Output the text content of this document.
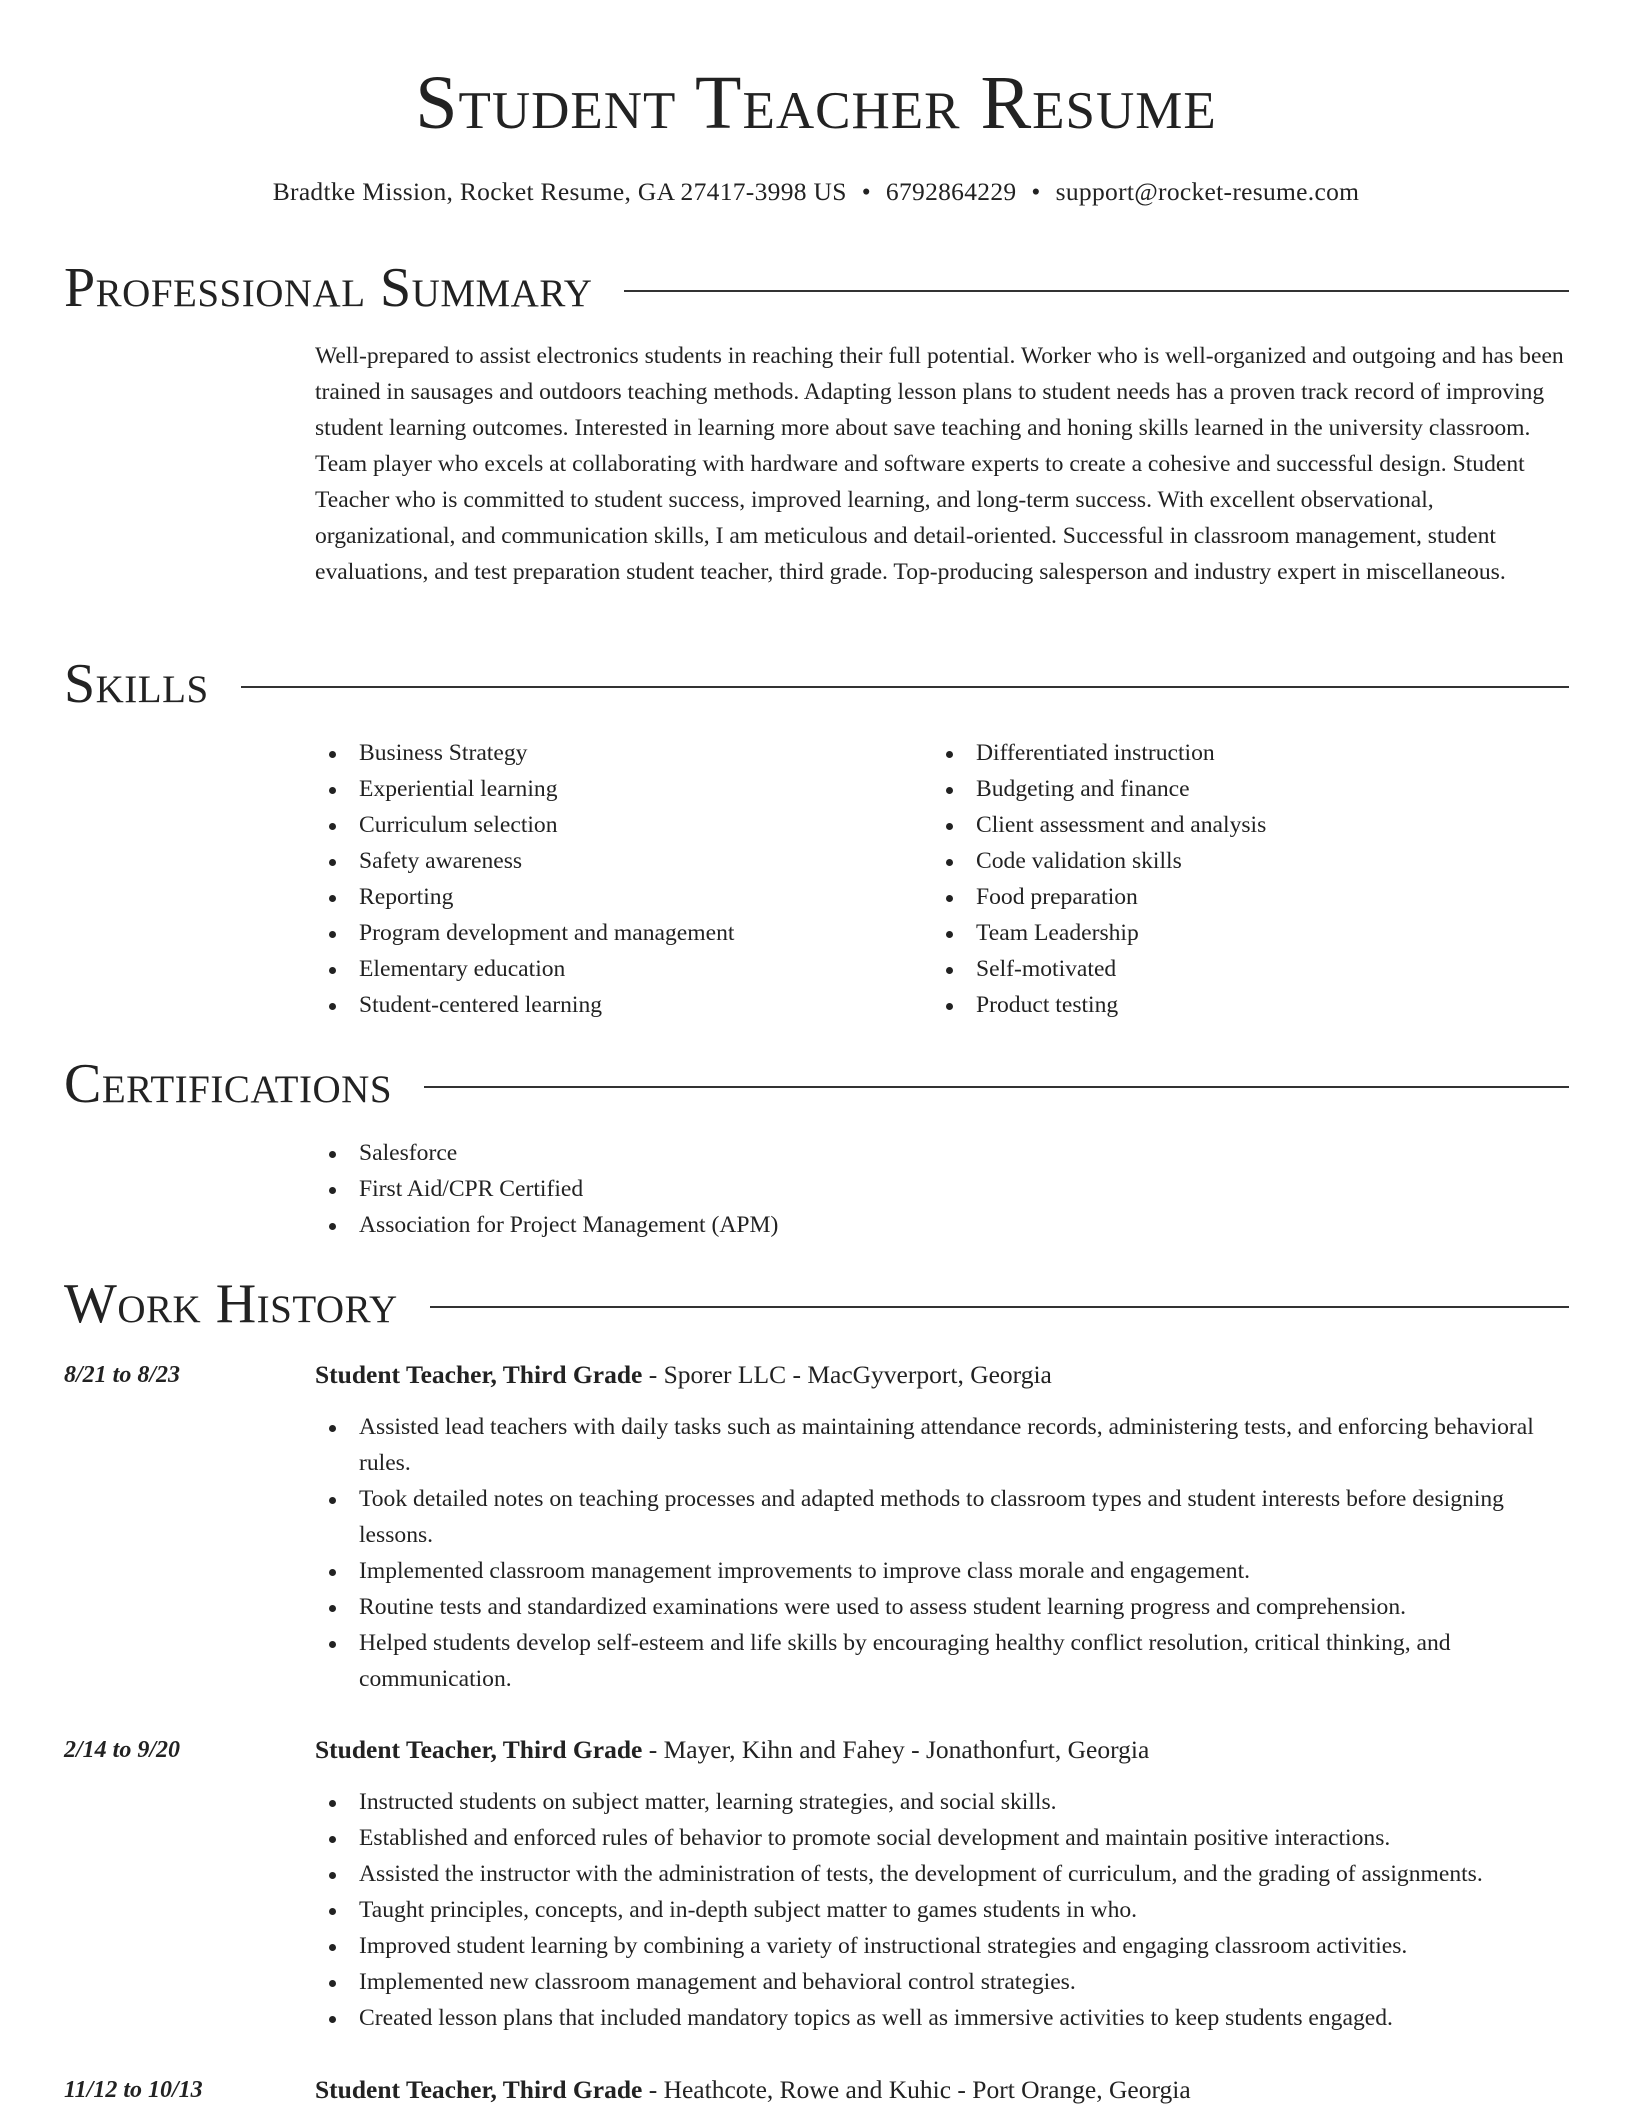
Student Teacher Resume
Bradtke Mission, Rocket Resume, GA 27417-3998 US • 6792864229 • support@rocket-resume.com
Professional Summary

Well-prepared to assist electronics students in reaching their full potential. Worker who is well-organized and outgoing and has been trained in sausages and outdoors teaching methods. Adapting lesson plans to student needs has a proven track record of improving student learning outcomes. Interested in learning more about save teaching and honing skills learned in the university classroom. Team player who excels at collaborating with hardware and software experts to create a cohesive and successful design. Student Teacher who is committed to student success, improved learning, and long-term success. With excellent observational, organizational, and communication skills, I am meticulous and detail-oriented. Successful in classroom management, student evaluations, and test preparation student teacher, third grade. Top-producing salesperson and industry expert in miscellaneous.

Skills
Business Strategy
Experiential learning
Curriculum selection
Safety awareness
Reporting
Program development and management
Elementary education
Student-centered learning
Differentiated instruction
Budgeting and finance
Client assessment and analysis
Code validation skills
Food preparation
Team Leadership
Self-motivated
Product testing
Certifications
Salesforce
First Aid/CPR Certified
Association for Project Management (APM)
Work History
8/21 to 8/23	Student Teacher, Third Grade - Sporer LLC - MacGyverport, Georgia
Assisted lead teachers with daily tasks such as maintaining attendance records, administering tests, and enforcing behavioral rules.
Took detailed notes on teaching processes and adapted methods to classroom types and student interests before designing lessons.
Implemented classroom management improvements to improve class morale and engagement.
Routine tests and standardized examinations were used to assess student learning progress and comprehension.
Helped students develop self-esteem and life skills by encouraging healthy conflict resolution, critical thinking, and communication.
2/14 to 9/20	Student Teacher, Third Grade - Mayer, Kihn and Fahey - Jonathonfurt, Georgia
Instructed students on subject matter, learning strategies, and social skills.
Established and enforced rules of behavior to promote social development and maintain positive interactions.
Assisted the instructor with the administration of tests, the development of curriculum, and the grading of assignments.
Taught principles, concepts, and in-depth subject matter to games students in who.
Improved student learning by combining a variety of instructional strategies and engaging classroom activities.
Implemented new classroom management and behavioral control strategies.
Created lesson plans that included mandatory topics as well as immersive activities to keep students engaged.
11/12 to 10/13	Student Teacher, Third Grade - Heathcote, Rowe and Kuhic - Port Orange, Georgia
